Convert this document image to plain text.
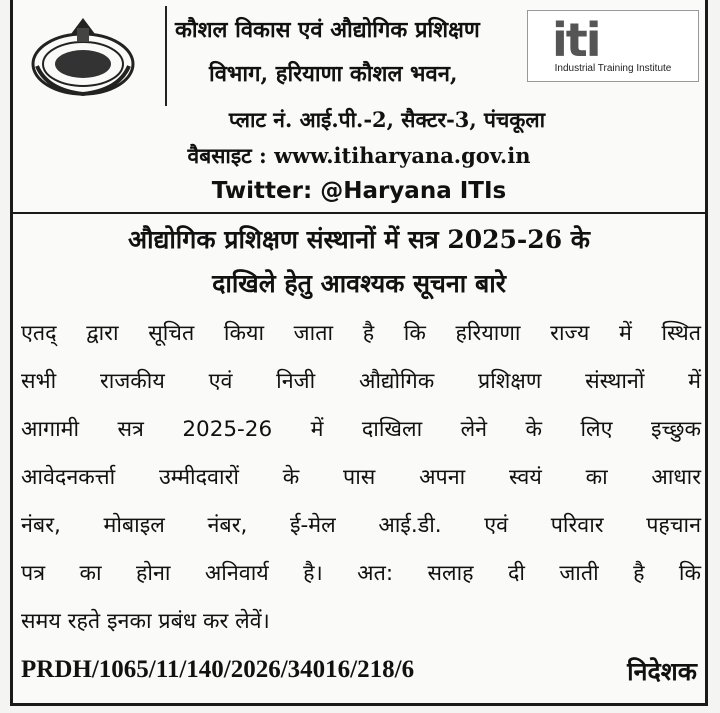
कौशल विकास एवं औद्योगिक प्रशिक्षण
विभाग, हरियाणा कौशल भवन,
iti
Industrial Training Institute
प्लाट नं. आई.पी.-2, सैक्टर-3, पंचकूला
वैबसाइट : www.itiharyana.gov.in
Twitter: @Haryana ITIs
औद्योगिक प्रशिक्षण संस्थानों में सत्र 2025-26 के
दाखिले हेतु आवश्यक सूचना बारे
एतद् द्वारा सूचित किया जाता है कि हरियाणा राज्य में स्थित
सभी राजकीय एवं निजी औद्योगिक प्रशिक्षण संस्थानों में
आगामी सत्र 2025-26 में दाखिला लेने के लिए इच्छुक
आवेदनकर्त्ता उम्मीदवारों के पास अपना स्वयं का आधार
नंबर, मोबाइल नंबर, ई-मेल आई.डी. एवं परिवार पहचान
पत्र का होना अनिवार्य है। अत: सलाह दी जाती है कि
समय रहते इनका प्रबंध कर लेवें।
PRDH/1065/11/140/2026/34016/218/6	निदेशक
